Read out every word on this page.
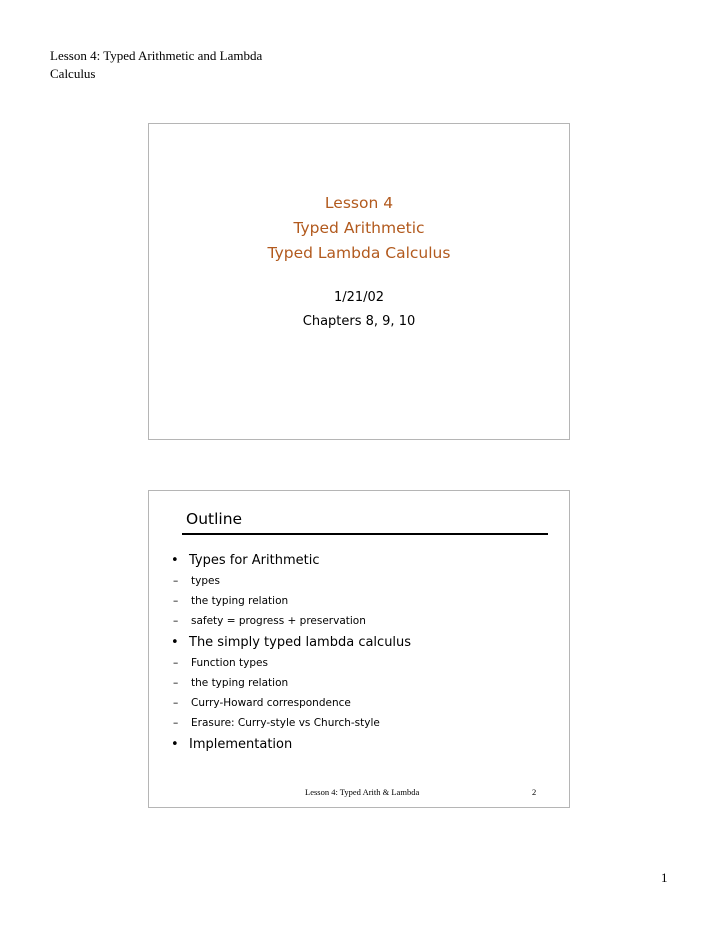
Lesson 4: Typed Arithmetic and Lambda
Calculus
Lesson 4
Typed Arithmetic
Typed Lambda Calculus
1/21/02
Chapters 8, 9, 10
Outline
• Types for Arithmetic
– types
– the typing relation
– safety = progress + preservation
• The simply typed lambda calculus
– Function types
– the typing relation
– Curry-Howard correspondence
– Erasure: Curry-style vs Church-style
• Implementation
Lesson 4: Typed Arith & Lambda	2
1
